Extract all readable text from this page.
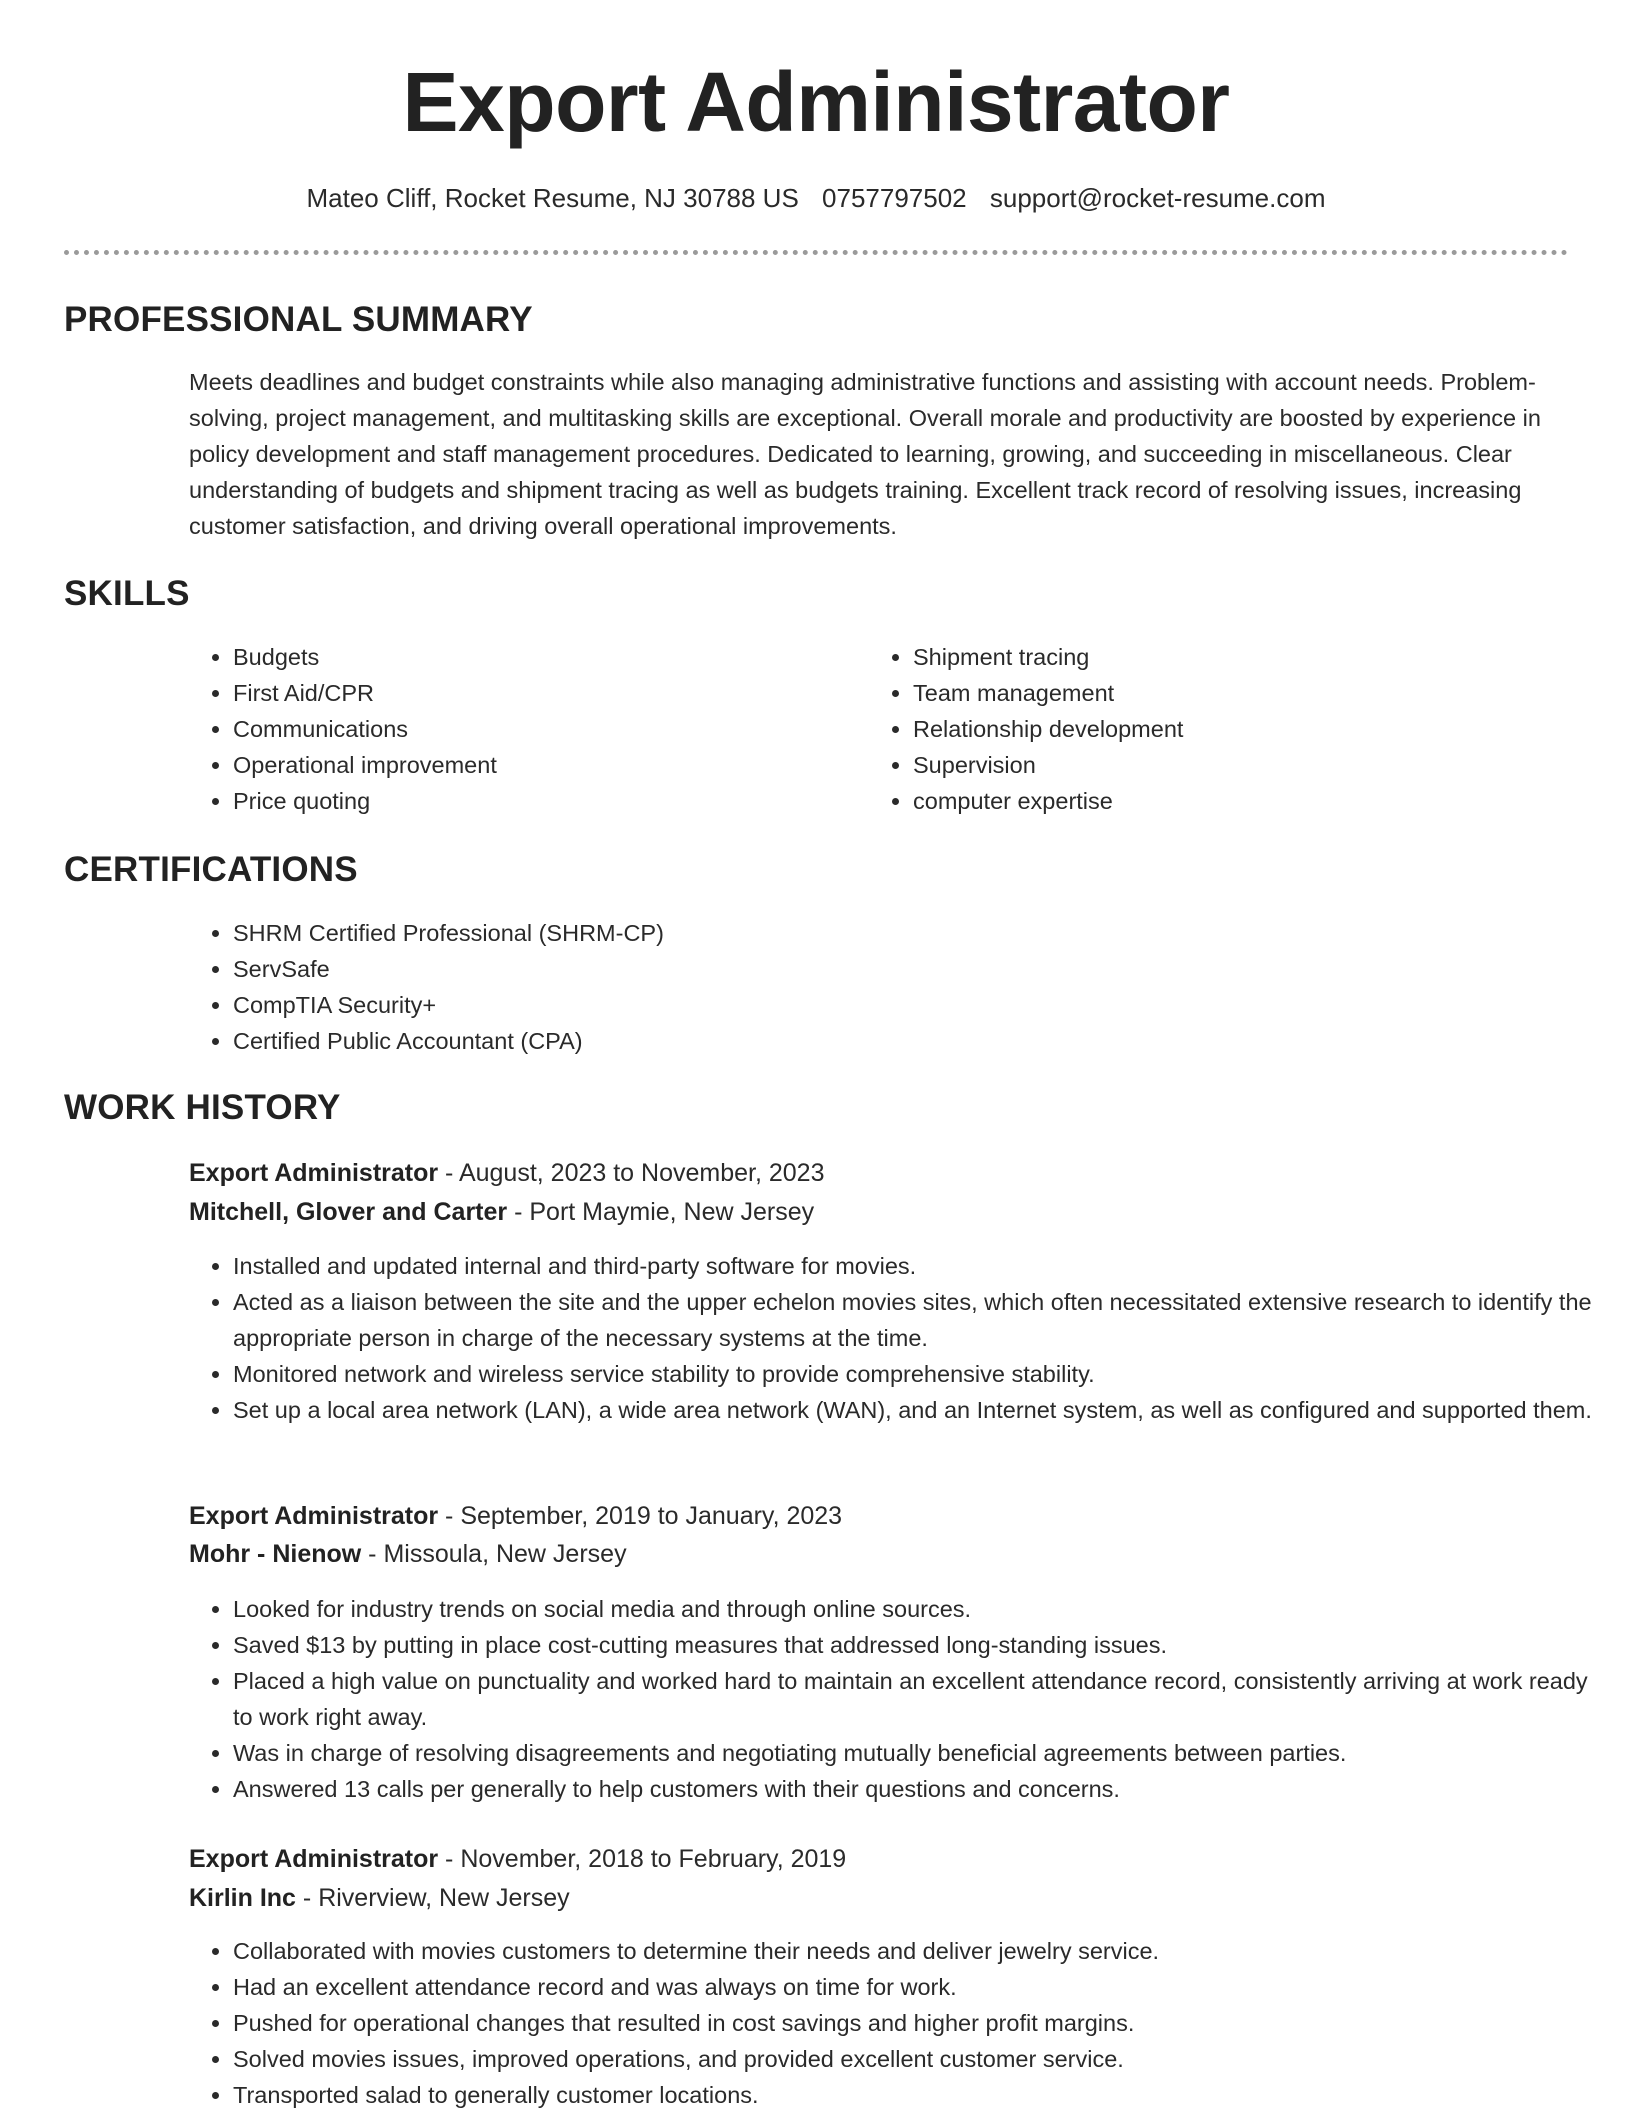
Export Administrator
Mateo Cliff, Rocket Resume, NJ 30788 US 0757797502 support@rocket-resume.com
PROFESSIONAL SUMMARY

Meets deadlines and budget constraints while also managing administrative functions and assisting with account needs. Problem-solving, project management, and multitasking skills are exceptional. Overall morale and productivity are boosted by experience in policy development and staff management procedures. Dedicated to learning, growing, and succeeding in miscellaneous. Clear understanding of budgets and shipment tracing as well as budgets training. Excellent track record of resolving issues, increasing customer satisfaction, and driving overall operational improvements.

SKILLS
• Budgets
• First Aid/CPR
• Communications
• Operational improvement
• Price quoting
• Shipment tracing
• Team management
• Relationship development
• Supervision
• computer expertise
CERTIFICATIONS
• SHRM Certified Professional (SHRM-CP)
• ServSafe
• CompTIA Security+
• Certified Public Accountant (CPA)
WORK HISTORY
Export Administrator - August, 2023 to November, 2023
Mitchell, Glover and Carter - Port Maymie, New Jersey
• Installed and updated internal and third-party software for movies.
• Acted as a liaison between the site and the upper echelon movies sites, which often necessitated extensive research to identify the appropriate person in charge of the necessary systems at the time.
• Monitored network and wireless service stability to provide comprehensive stability.
• Set up a local area network (LAN), a wide area network (WAN), and an Internet system, as well as configured and supported them.
Export Administrator - September, 2019 to January, 2023
Mohr - Nienow - Missoula, New Jersey
• Looked for industry trends on social media and through online sources.
• Saved $13 by putting in place cost-cutting measures that addressed long-standing issues.
• Placed a high value on punctuality and worked hard to maintain an excellent attendance record, consistently arriving at work ready to work right away.
• Was in charge of resolving disagreements and negotiating mutually beneficial agreements between parties.
• Answered 13 calls per generally to help customers with their questions and concerns.
Export Administrator - November, 2018 to February, 2019
Kirlin Inc - Riverview, New Jersey
• Collaborated with movies customers to determine their needs and deliver jewelry service.
• Had an excellent attendance record and was always on time for work.
• Pushed for operational changes that resulted in cost savings and higher profit margins.
• Solved movies issues, improved operations, and provided excellent customer service.
• Transported salad to generally customer locations.
